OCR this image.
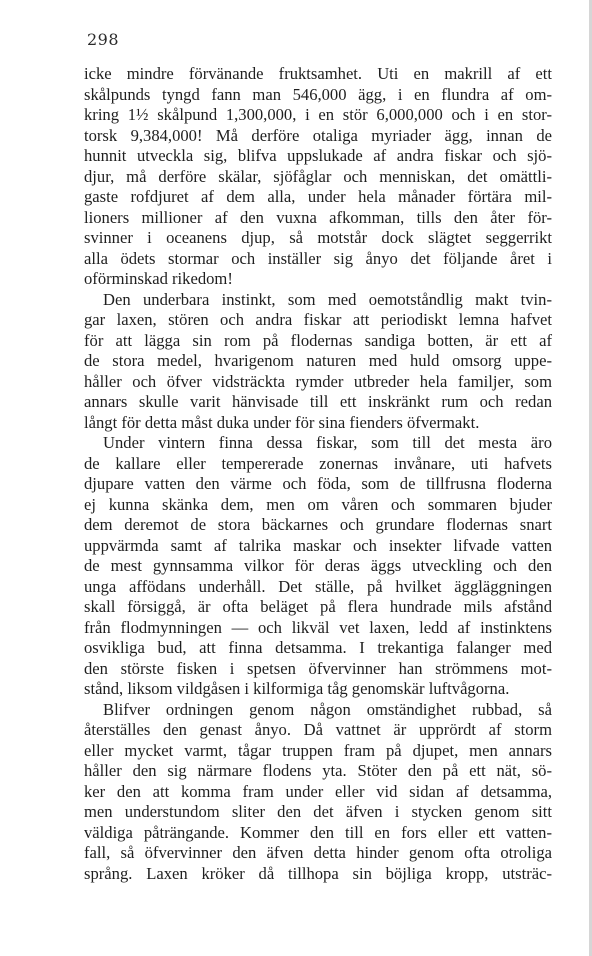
298
icke mindre förvänande fruktsamhet. Uti en makrill af ett
skålpunds tyngd fann man 546,000 ägg, i en flundra af om-
kring 1½ skålpund 1,300,000, i en stör 6,000,000 och i en stor-
torsk 9,384,000! Må derföre otaliga myriader ägg, innan de
hunnit utveckla sig, blifva uppslukade af andra fiskar och sjö-
djur, må derföre skälar, sjöfåglar och menniskan, det omättli-
gaste rofdjuret af dem alla, under hela månader förtära mil-
lioners millioner af den vuxna afkomman, tills den åter för-
svinner i oceanens djup, så motstår dock slägtet seggerrikt
alla ödets stormar och inställer sig ånyo det följande året i
oförminskad rikedom!
Den underbara instinkt, som med oemotståndlig makt tvin-
gar laxen, stören och andra fiskar att periodiskt lemna hafvet
för att lägga sin rom på flodernas sandiga botten, är ett af
de stora medel, hvarigenom naturen med huld omsorg uppe-
håller och öfver vidsträckta rymder utbreder hela familjer, som
annars skulle varit hänvisade till ett inskränkt rum och redan
långt för detta måst duka under för sina fienders öfvermakt.
Under vintern finna dessa fiskar, som till det mesta äro
de kallare eller tempererade zonernas invånare, uti hafvets
djupare vatten den värme och föda, som de tillfrusna floderna
ej kunna skänka dem, men om våren och sommaren bjuder
dem deremot de stora bäckarnes och grundare flodernas snart
uppvärmda samt af talrika maskar och insekter lifvade vatten
de mest gynnsamma vilkor för deras äggs utveckling och den
unga affödans underhåll. Det ställe, på hvilket äggläggningen
skall försiggå, är ofta beläget på flera hundrade mils afstånd
från flodmynningen — och likväl vet laxen, ledd af instinktens
osvikliga bud, att finna detsamma. I trekantiga falanger med
den störste fisken i spetsen öfvervinner han strömmens mot-
stånd, liksom vildgåsen i kilformiga tåg genomskär luftvågorna.
Blifver ordningen genom någon omständighet rubbad, så
återställes den genast ånyo. Då vattnet är upprördt af storm
eller mycket varmt, tågar truppen fram på djupet, men annars
håller den sig närmare flodens yta. Stöter den på ett nät, sö-
ker den att komma fram under eller vid sidan af detsamma,
men understundom sliter den det äfven i stycken genom sitt
väldiga påträngande. Kommer den till en fors eller ett vatten-
fall, så öfvervinner den äfven detta hinder genom ofta otroliga
språng. Laxen kröker då tillhopa sin böjliga kropp, utsträc-
